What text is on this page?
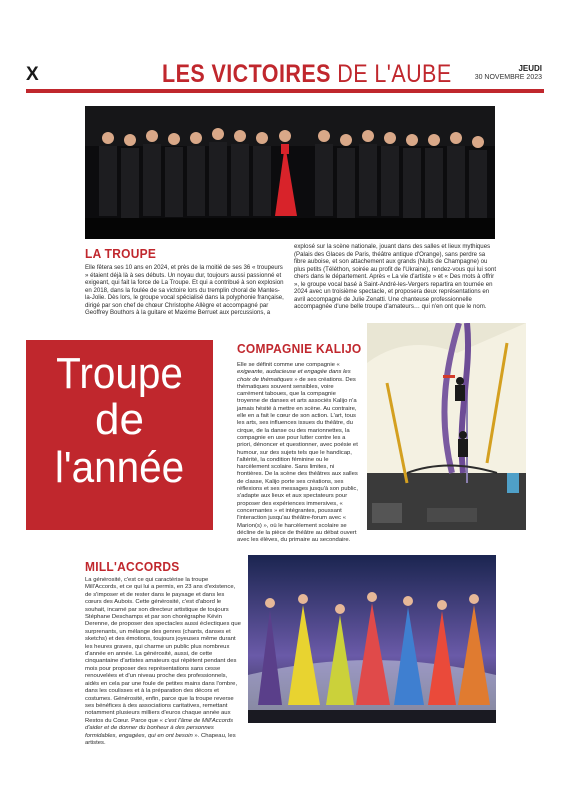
X	LES VICTOIRES DE L'AUBE	JEUDI
30 NOVEMBRE 2023
LA TROUPE
Elle fêtera ses 10 ans en 2024, et près de la moitié de ses 36 « troupeurs » étaient déjà là à ses débuts. Un noyau dur, toujours aussi passionné et exigeant, qui fait la force de La Troupe. Et qui a contribué à son explosion en 2018, dans la foulée de sa victoire lors du tremplin choral de Mantes-la-Jolie. Dès lors, le groupe vocal spécialisé dans la polyphonie française, dirigé par son chef de chœur Christophe Allègre et accompagné par Geoffrey Bouthors à la guitare et Maxime Berruet aux percussions, a
explosé sur la scène nationale, jouant dans des salles et lieux mythiques (Palais des Glaces de Paris, théâtre antique d'Orange), sans perdre sa fibre auboise, et son attachement aux grands (Nuits de Champagne) ou plus petits (Téléthon, soirée au profit de l'Ukraine), rendez-vous qui lui sont chers dans le département. Après « La vie d'artiste » et « Des mots à offrir », le groupe vocal basé à Saint-André-les-Vergers repartira en tournée en 2024 avec un troisième spectacle, et proposera deux représentations en avril accompagné de Julie Zenatti. Une chanteuse professionnelle accompagnée d'une belle troupe d'amateurs… qui n'en ont que le nom.
Troupe
de
l'année
COMPAGNIE KALIJO
Elle se définit comme une compagnie « exigeante, audacieuse et engagée dans les choix de thématiques » de ses créations. Des thématiques souvent sensibles, voire carrément taboues, que la compagnie troyenne de danses et arts associés Kalijo n'a jamais hésité à mettre en scène. Au contraire, elle en a fait le cœur de son action. L'art, tous les arts, ses influences issues du théâtre, du cirque, de la danse ou des marionnettes, la compagnie en use pour lutter contre les a priori, dénoncer et questionner, avec poésie et humour, sur des sujets tels que le handicap, l'altérité, la condition féminine ou le harcèlement scolaire. Sans limites, ni frontières. De la scène des théâtres aux salles de classe, Kalijo porte ses créations, ses réflexions et ses messages jusqu'à son public, s'adapte aux lieux et aux spectateurs pour proposer des expériences immersives, « concernantes » et intégrantes, poussant l'interaction jusqu'au théâtre-forum avec « Marion(s) », où le harcèlement scolaire se décline de la pièce de théâtre au débat ouvert avec les élèves, du primaire au secondaire.
MILL'ACCORDS
La générosité, c'est ce qui caractérise la troupe Mill'Accords, et ce qui lui a permis, en 23 ans d'existence, de s'imposer et de rester dans le paysage et dans les cœurs des Aubois. Cette générosité, c'est d'abord le souhait, incarné par son directeur artistique de toujours Stéphane Deschamps et par son chorégraphe Kévin Derenne, de proposer des spectacles aussi éclectiques que surprenants, un mélange des genres (chants, danses et sketchs) et des émotions, toujours joyeuses même durant les heures graves, qui charme un public plus nombreux d'année en année. La générosité, aussi, de cette cinquantaine d'artistes amateurs qui répètent pendant des mois pour proposer des représentations sans cesse renouvelées et d'un niveau proche des professionnels, aidés en cela par une foule de petites mains dans l'ombre, dans les coulisses et à la préparation des décors et costumes. Générosité, enfin, parce que la troupe reverse ses bénéfices à des associations caritatives, remettant notamment plusieurs milliers d'euros chaque année aux Restos du Cœur. Parce que « c'est l'âme de Mill'Accords d'aider et de donner du bonheur à des personnes formidables, engagées, qui en ont besoin ». Chapeau, les artistes.
